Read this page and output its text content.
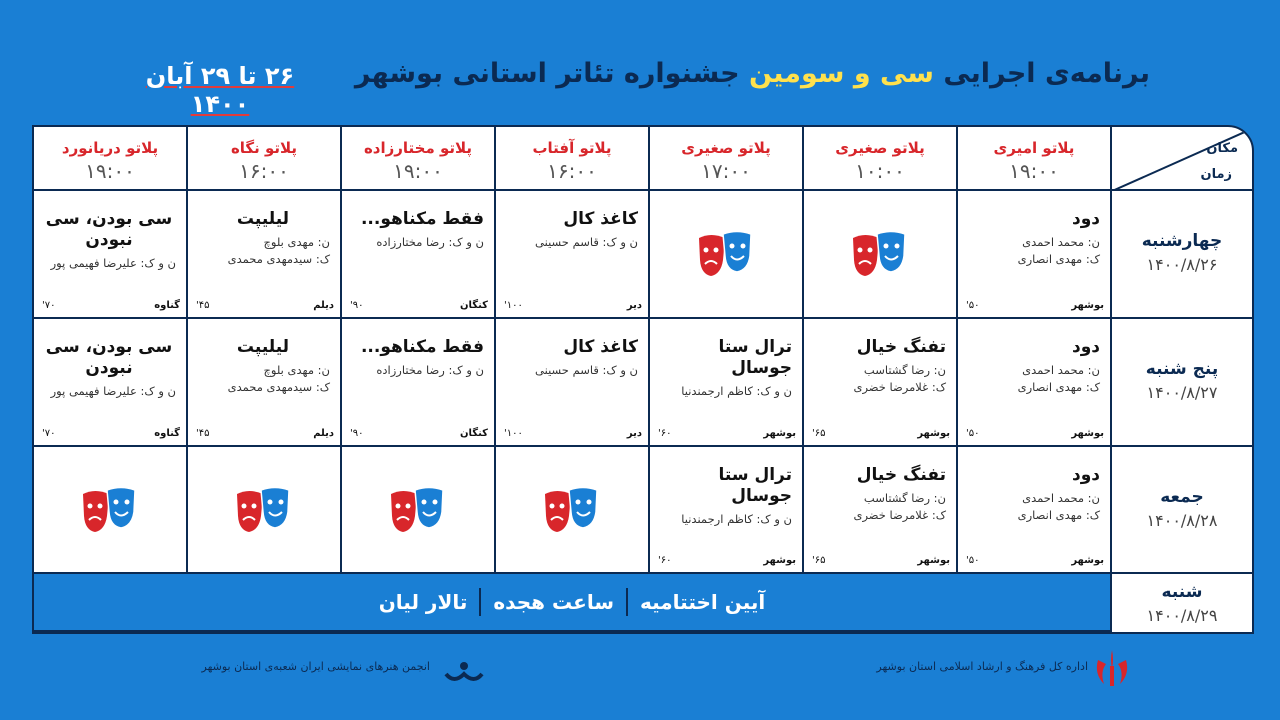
برنامه‌ی اجرایی سی و سومین جشنواره تئاتر استانی بوشهر
۲۶ تا ۲۹ آبان ۱۴۰۰
پلاتو دریانورد
۱۹:۰۰
پلاتو نگاه
۱۶:۰۰
پلاتو مختارزاده
۱۹:۰۰
پلاتو آفتاب
۱۶:۰۰
پلاتو صغیری
۱۷:۰۰
پلاتو صغیری
۱۰:۰۰
پلاتو امیری
۱۹:۰۰
مکان
زمان
سی بودن، سی نبودن
ن و ک: علیرضا فهیمی پور
گناوه
۷۰'
لیلیپت
ن: مهدی بلوچ
ک: سیدمهدی محمدی
دیلم
۴۵'
فقط مکناهو...
ن و ک: رضا مختارزاده
کنگان
۹۰'
کاغذ کال
ن و ک: قاسم حسینی
دیر
۱۰۰'
دود
ن: محمد احمدی
ک: مهدی انصاری
بوشهر
۵۰'
چهارشنبه
۱۴۰۰/۸/۲۶
سی بودن، سی نبودن
ن و ک: علیرضا فهیمی پور
گناوه
۷۰'
لیلیپت
ن: مهدی بلوچ
ک: سیدمهدی محمدی
دیلم
۴۵'
فقط مکناهو...
ن و ک: رضا مختارزاده
کنگان
۹۰'
کاغذ کال
ن و ک: قاسم حسینی
دیر
۱۰۰'
ترال ستا جوسال
ن و ک: کاظم ارجمندنیا
بوشهر
۶۰'
تفنگ خیال
ن: رضا گشتاسب
ک: غلامرضا خضری
بوشهر
۶۵'
دود
ن: محمد احمدی
ک: مهدی انصاری
بوشهر
۵۰'
پنج شنبه
۱۴۰۰/۸/۲۷
ترال ستا جوسال
ن و ک: کاظم ارجمندنیا
بوشهر
۶۰'
تفنگ خیال
ن: رضا گشتاسب
ک: غلامرضا خضری
بوشهر
۶۵'
دود
ن: محمد احمدی
ک: مهدی انصاری
بوشهر
۵۰'
جمعه
۱۴۰۰/۸/۲۸
آیین اختتامیه
ساعت هجده
تالار لیان	شنبه
۱۴۰۰/۸/۲۹
اداره کل فرهنگ و ارشاد اسلامی استان بوشهر
انجمن هنرهای نمایشی ایران شعبه‌ی استان بوشهر
